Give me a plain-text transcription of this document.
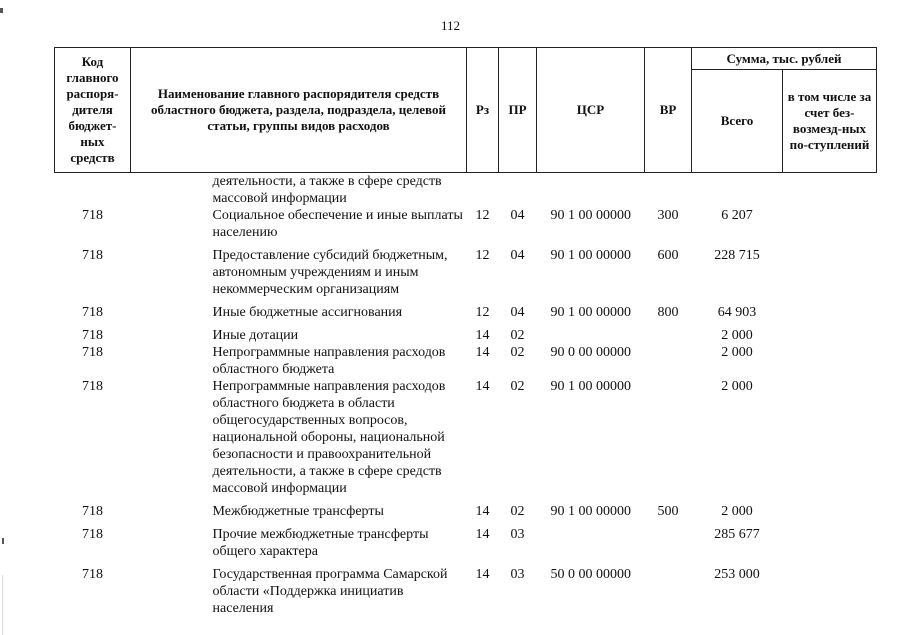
112
Код главного распоря-дителя бюджет-ных средств	Наименование главного распорядителя средств областного бюджета, раздела, подраздела, целевой статьи, группы видов расходов	Рз	ПР	ЦСР	ВР	Сумма, тыс. рублей	
						Всего	в том числе за счет без-возмезд-ных по-ступлений
	деятельности, а также в сфере средств массовой информации						
718	Социальное обеспечение и иные выплаты населению	12	04	90 1 00 00000	300	6 207	

718	Предоставление субсидий бюджетным, автономным учреждениям и иным некоммерческим организациям	12	04	90 1 00 00000	600	228 715	

718	Иные бюджетные ассигнования	12	04	90 1 00 00000	800	64 903	

718	Иные дотации	14	02			2 000	
718	Непрограммные направления расходов областного бюджета	14	02	90 0 00 00000		2 000	
718	Непрограммные направления расходов областного бюджета в области общегосударственных вопросов, национальной обороны, национальной безопасности и правоохранительной деятельности, а также в сфере средств массовой информации	14	02	90 1 00 00000		2 000	

718	Межбюджетные трансферты	14	02	90 1 00 00000	500	2 000	

718	Прочие межбюджетные трансферты общего характера	14	03			285 677	

718	Государственная программа Самарской области «Поддержка инициатив населения	14	03	50 0 00 00000		253 000	
